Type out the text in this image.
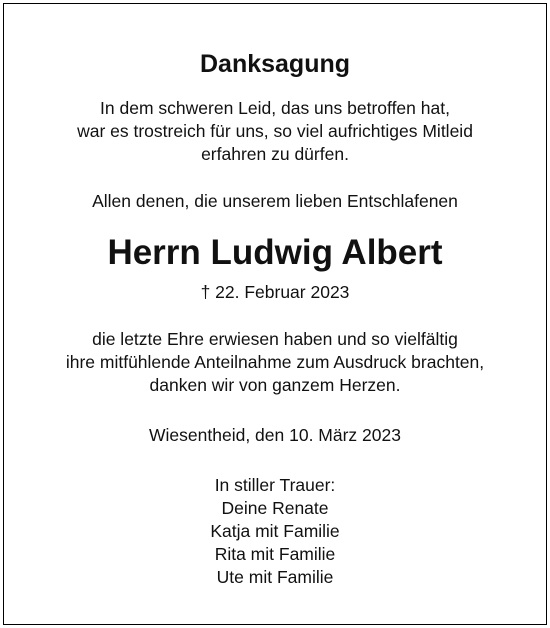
Danksagung
In dem schweren Leid, das uns betroffen hat,
war es trostreich für uns, so viel aufrichtiges Mitleid
erfahren zu dürfen.
Allen denen, die unserem lieben Entschlafenen
Herrn Ludwig Albert
† 22. Februar 2023
die letzte Ehre erwiesen haben und so vielfältig
ihre mitfühlende Anteilnahme zum Ausdruck brachten,
danken wir von ganzem Herzen.
Wiesentheid, den 10. März 2023
In stiller Trauer:
Deine Renate
Katja mit Familie
Rita mit Familie
Ute mit Familie
